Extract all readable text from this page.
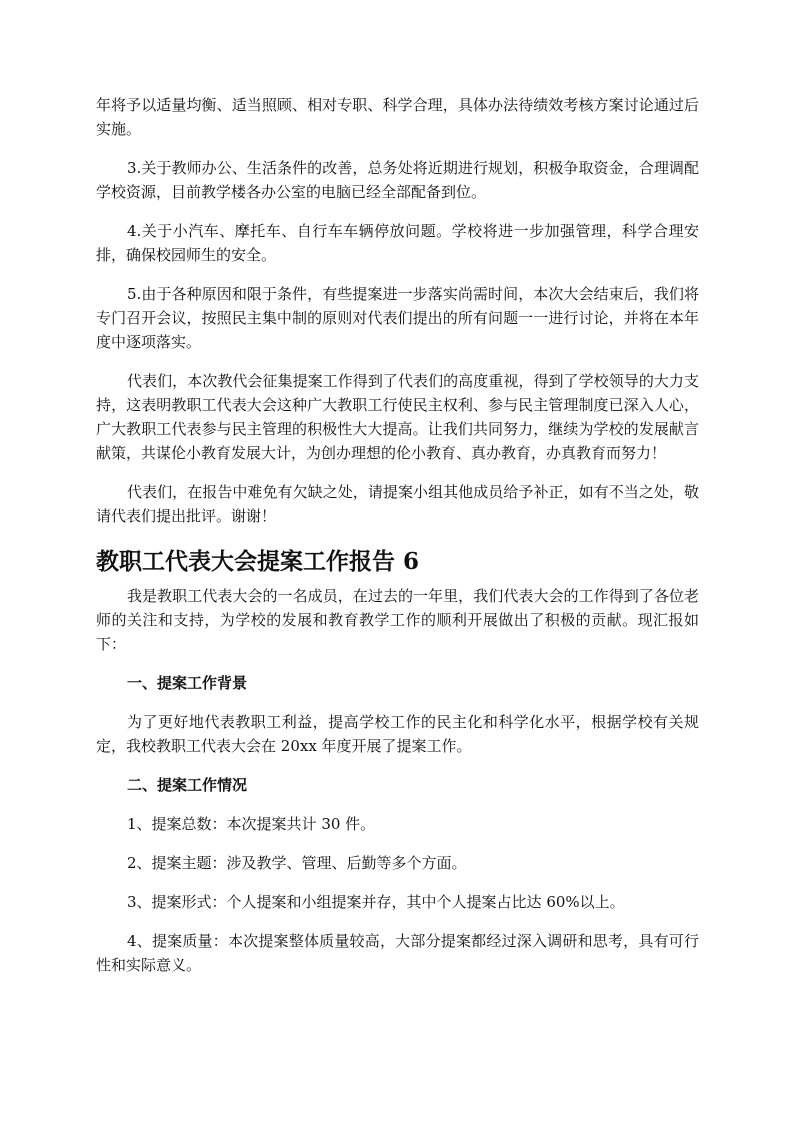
年将予以适量均衡、适当照顾、相对专职、科学合理，具体办法待绩效考核方案讨论通过后实施。

3.关于教师办公、生活条件的改善，总务处将近期进行规划，积极争取资金，合理调配学校资源，目前教学楼各办公室的电脑已经全部配备到位。

4.关于小汽车、摩托车、自行车车辆停放问题。学校将进一步加强管理，科学合理安排，确保校园师生的安全。

5.由于各种原因和限于条件，有些提案进一步落实尚需时间，本次大会结束后，我们将专门召开会议，按照民主集中制的原则对代表们提出的所有问题一一进行讨论，并将在本年度中逐项落实。

代表们，本次教代会征集提案工作得到了代表们的高度重视，得到了学校领导的大力支持，这表明教职工代表大会这种广大教职工行使民主权利、参与民主管理制度已深入人心，广大教职工代表参与民主管理的积极性大大提高。让我们共同努力，继续为学校的发展献言献策，共谋伦小教育发展大计，为创办理想的伦小教育、真办教育，办真教育而努力！

代表们，在报告中难免有欠缺之处，请提案小组其他成员给予补正，如有不当之处，敬请代表们提出批评。谢谢！

教职工代表大会提案工作报告 6

我是教职工代表大会的一名成员，在过去的一年里，我们代表大会的工作得到了各位老师的关注和支持，为学校的发展和教育教学工作的顺利开展做出了积极的贡献。现汇报如下：

一、提案工作背景

为了更好地代表教职工利益，提高学校工作的民主化和科学化水平，根据学校有关规定，我校教职工代表大会在 20xx 年度开展了提案工作。

二、提案工作情况

1、提案总数：本次提案共计 30 件。

2、提案主题：涉及教学、管理、后勤等多个方面。

3、提案形式：个人提案和小组提案并存，其中个人提案占比达 60%以上。

4、提案质量：本次提案整体质量较高，大部分提案都经过深入调研和思考，具有可行性和实际意义。
